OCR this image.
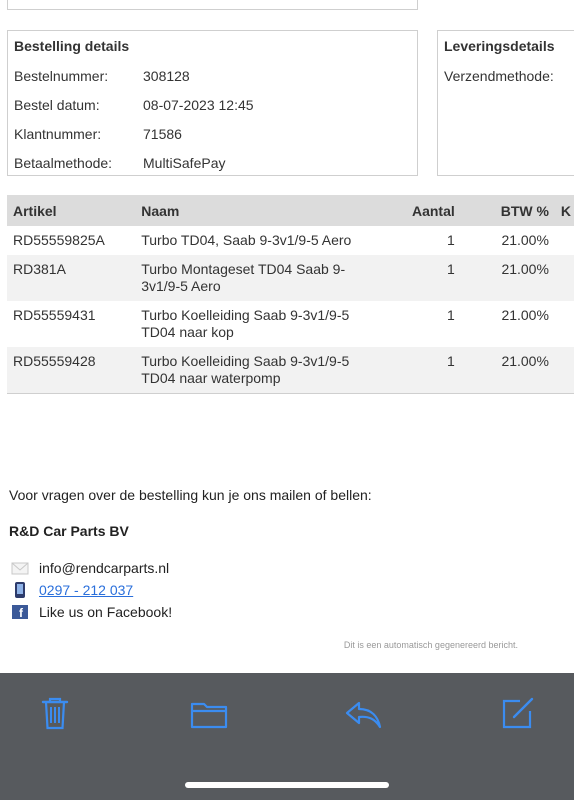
Bestelling details
Bestelnummer: 308128
Bestel datum:	08-07-2023 12:45
Klantnummer:	71586
Betaalmethode: MultiSafePay
Leveringsdetails
Verzendmethode:
Artikel	Naam	Aantal	BTW %	K
RD55559825A	Turbo TD04, Saab 9-3v1/9-5 Aero	1	21.00%	
RD381A	Turbo Montageset TD04 Saab 9-3v1/9-5 Aero	1	21.00%	
RD55559431	Turbo Koelleiding Saab 9-3v1/9-5 TD04 naar kop	1	21.00%	
RD55559428	Turbo Koelleiding Saab 9-3v1/9-5 TD04 naar waterpomp	1	21.00%	
Voor vragen over de bestelling kun je ons mailen of bellen:
R&D Car Parts BV
info@rendcarparts.nl
0297 - 212 037
f Like us on Facebook!
Dit is een automatisch gegenereerd bericht.
